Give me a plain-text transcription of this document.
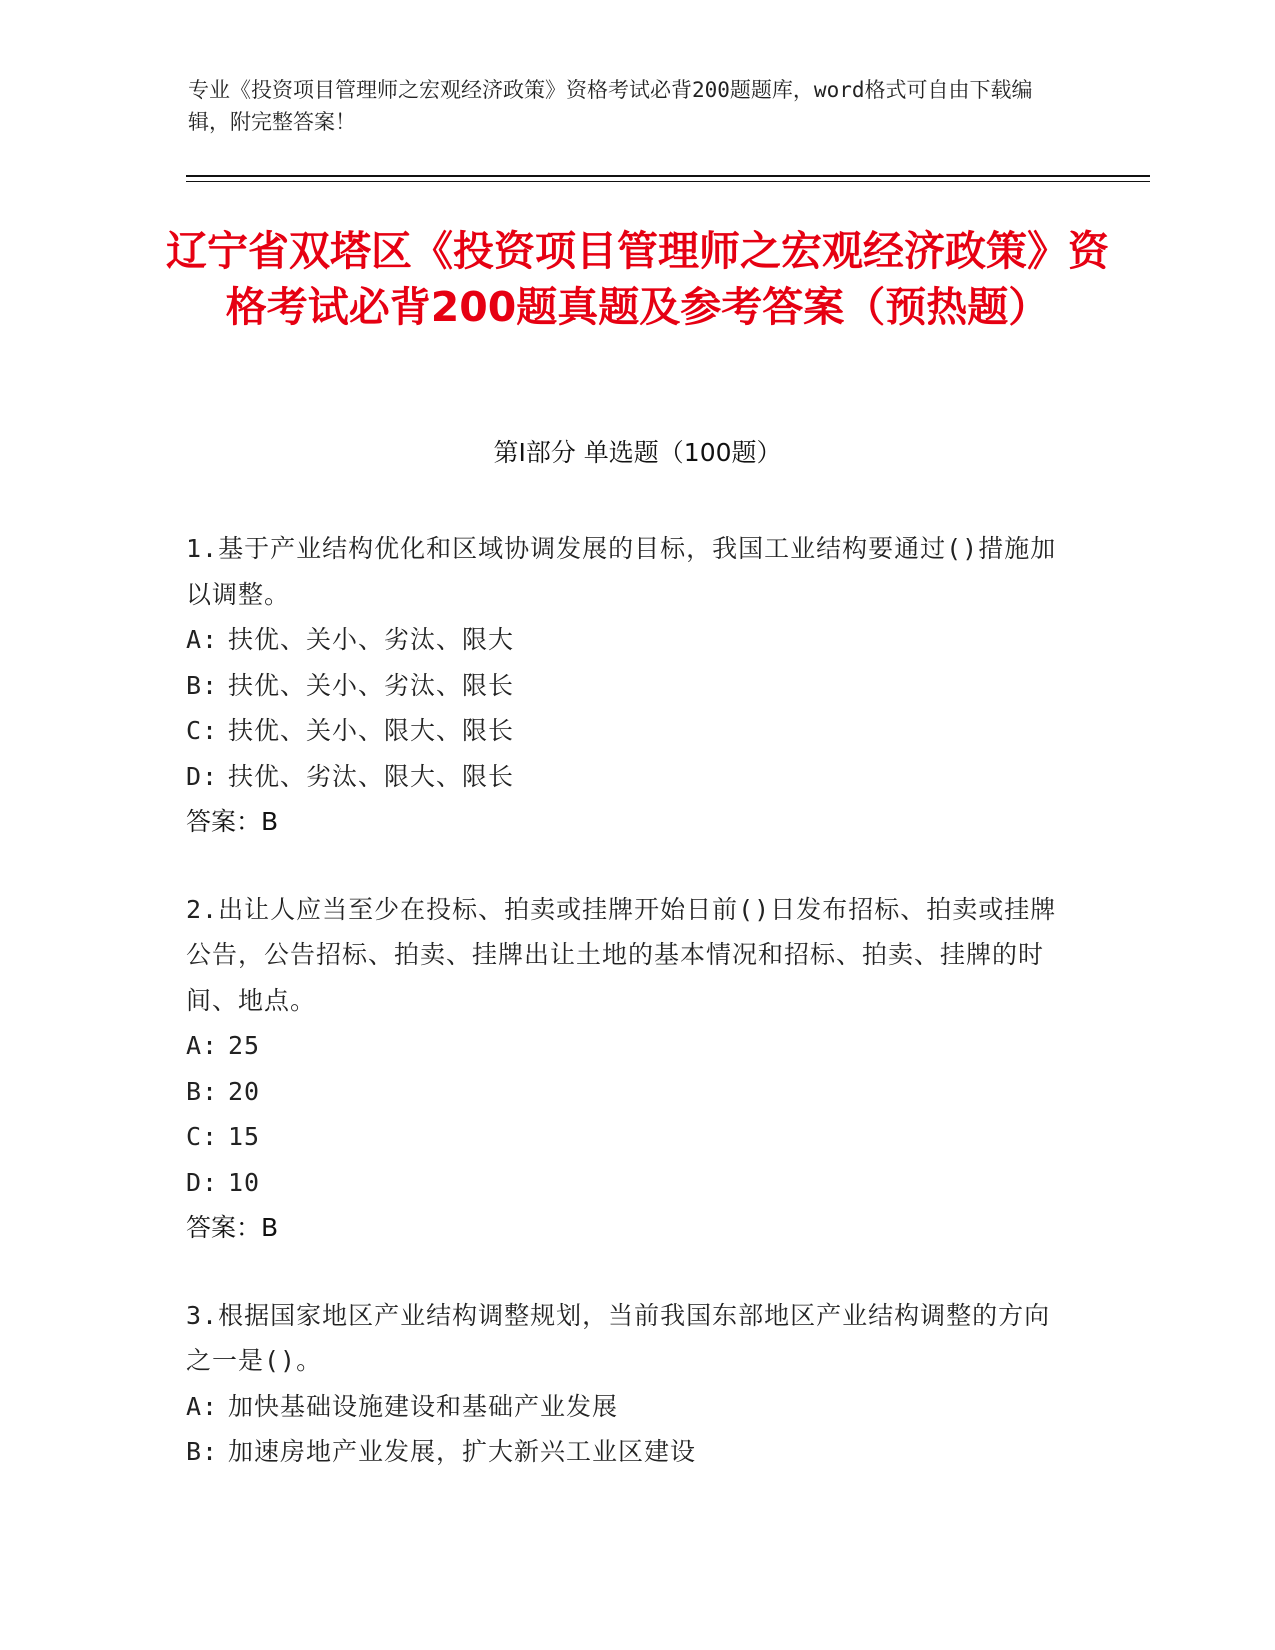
专业《投资项目管理师之宏观经济政策》资格考试必背200题题库，word格式可自由下载编辑，附完整答案！
辽宁省双塔区《投资项目管理师之宏观经济政策》资格考试必背200题真题及参考答案（预热题）
第Ⅰ部分 单选题（100题）
1.基于产业结构优化和区域协调发展的目标，我国工业结构要通过()措施加以调整。
A: 扶优、关小、劣汰、限大
B: 扶优、关小、劣汰、限长
C: 扶优、关小、限大、限长
D: 扶优、劣汰、限大、限长
答案：B
2.出让人应当至少在投标、拍卖或挂牌开始日前()日发布招标、拍卖或挂牌公告，公告招标、拍卖、挂牌出让土地的基本情况和招标、拍卖、挂牌的时间、地点。
A: 25
B: 20
C: 15
D: 10
答案：B
3.根据国家地区产业结构调整规划，当前我国东部地区产业结构调整的方向之一是()。
A: 加快基础设施建设和基础产业发展
B: 加速房地产业发展，扩大新兴工业区建设
